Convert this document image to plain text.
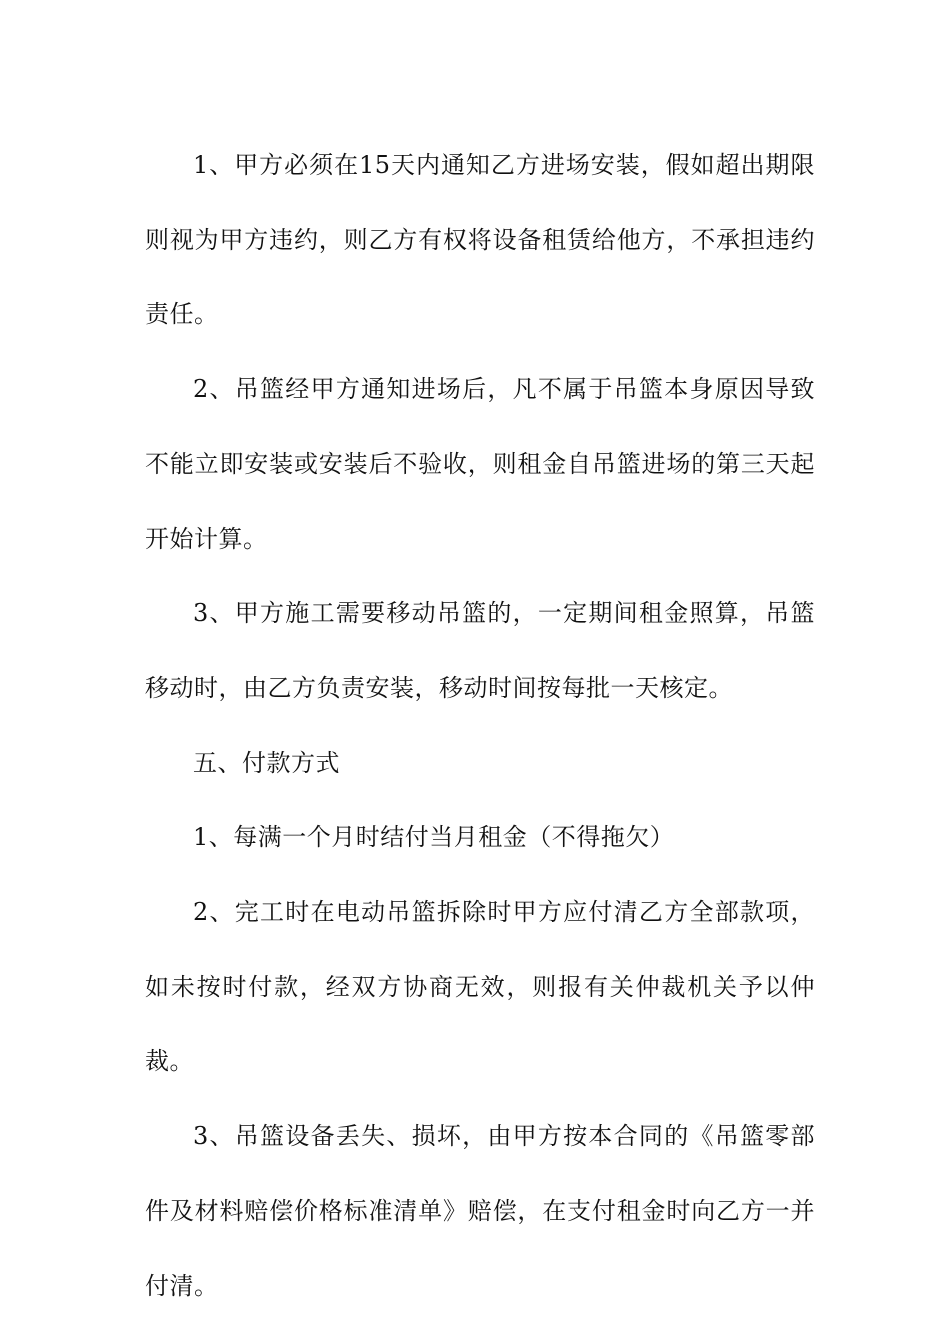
1、甲方必须在15天内通知乙方进场安装，假如超出期限则视为甲方违约，则乙方有权将设备租赁给他方，不承担违约责任。

2、吊篮经甲方通知进场后，凡不属于吊篮本身原因导致不能立即安装或安装后不验收，则租金自吊篮进场的第三天起开始计算。

3、甲方施工需要移动吊篮的，一定期间租金照算，吊篮移动时，由乙方负责安装，移动时间按每批一天核定。

五、付款方式

1、每满一个月时结付当月租金（不得拖欠）

2、完工时在电动吊篮拆除时甲方应付清乙方全部款项，如未按时付款，经双方协商无效，则报有关仲裁机关予以仲裁。

3、吊篮设备丢失、损坏，由甲方按本合同的《吊篮零部件及材料赔偿价格标准清单》赔偿，在支付租金时向乙方一并付清。
